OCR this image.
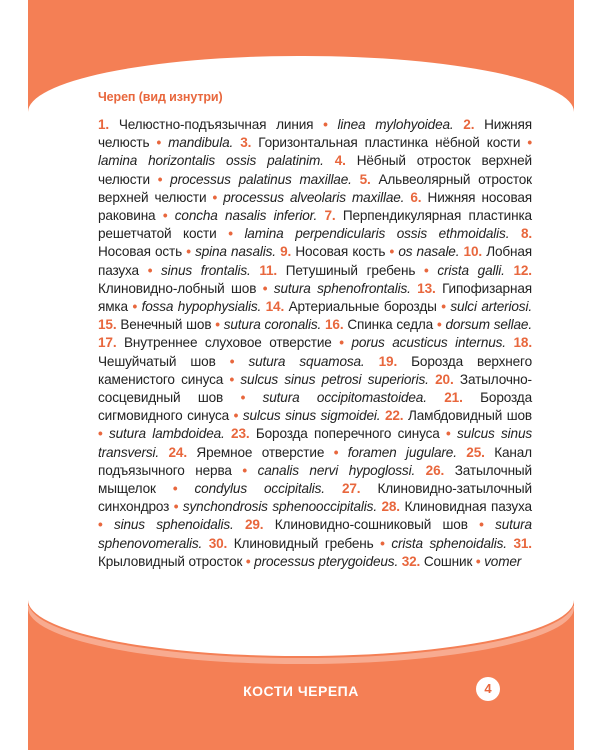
Череп (вид изнутри)
1. Челюстно-подъязычная линия • linea mylohyoidea. 2. Нижняя челюсть • mandibula. 3. Горизонтальная пластинка нёбной кости • lamina horizontalis ossis palatinim. 4. Нёбный отросток верхней челюсти • processus palatinus maxillae. 5. Альвеолярный отросток верхней челюсти • processus alveolaris maxillae. 6. Нижняя носовая раковина • concha nasalis inferior. 7. Перпендикулярная пластинка решетчатой кости • lamina perpendicularis ossis ethmoidalis. 8. Носовая ость • spina nasalis. 9. Носовая кость • os nasale. 10. Лобная пазуха • sinus frontalis. 11. Петушиный гребень • crista galli. 12. Клиновидно-лобный шов • sutura sphenofrontalis. 13. Гипофизарная ямка • fossa hypophysialis. 14. Артериальные борозды • sulci arteriosi. 15. Венечный шов • sutura coronalis. 16. Спинка седла • dorsum sellae. 17. Внутреннее слуховое отверстие • porus acusticus internus. 18. Чешуйчатый шов • sutura squamosa. 19. Борозда верхнего каменистого синуса • sulcus sinus petrosi superioris. 20. Затылочно-сосцевидный шов • sutura occipitomastoidea. 21. Борозда сигмовидного синуса • sulcus sinus sigmoidei. 22. Ламбдовидный шов • sutura lambdoidea. 23. Борозда поперечного синуса • sulcus sinus transversi. 24. Яремное отверстие • foramen jugulare. 25. Канал подъязычного нерва • canalis nervi hypoglossi. 26. Затылочный мыщелок • condylus occipitalis. 27. Клиновидно-затылочный синхондроз • synchondrosis sphenooccipitalis. 28. Клиновидная пазуха • sinus sphenoidalis. 29. Клиновидно-сошниковый шов • sutura sphenovomeralis. 30. Клиновидный гребень • crista sphenoidalis. 31. Крыловидный отросток • processus pterygoideus. 32. Сошник • vomer
КОСТИ ЧЕРЕПА	4
